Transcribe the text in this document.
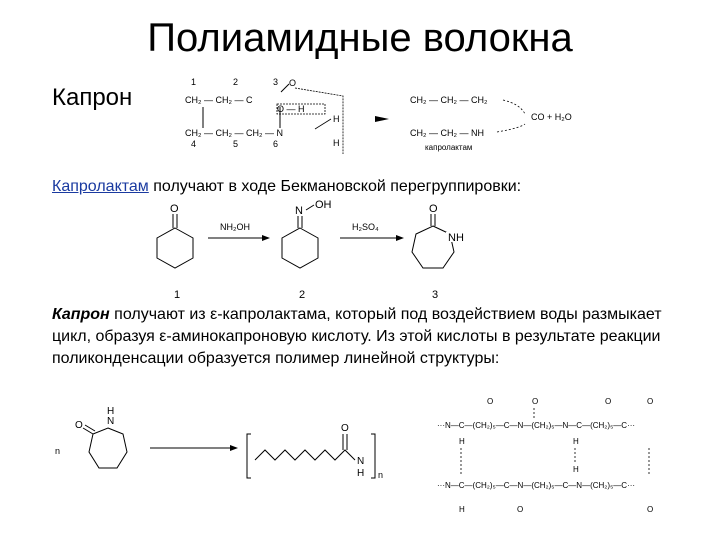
Полиамидные волокна
Капрон
1	2	3
CH₂ — CH₂ — C
O — H
CH₂ — CH₂ — CH₂ — N
H
H
4	5	6
O
CH₂ — CH₂ — CH₂
CH₂ — CH₂ — NH
CO + H₂O
капролактам
Капролактам получают в ходе Бекмановской перегруппировки:
O
NH₂OH
N OH
H₂SO₄
O
NH
1	2	3
Капрон получают из ε-капролактама, который под воздействием воды размыкает цикл, образуя ε-аминокапроновую кислоту. Из этой кислоты в результате реакции поликонденсации образуется полимер линейной структуры:
n
O N
H
O
N
H n
···N—C—(CH₂)₅—C—N—(CH₂)₅—N—C—(CH₂)₅—C···
···N—C—(CH₂)₅—C—N—(CH₂)₅—C—N—(CH₂)₅—C···
O	O	O	O
H	H
H	O
H
O
